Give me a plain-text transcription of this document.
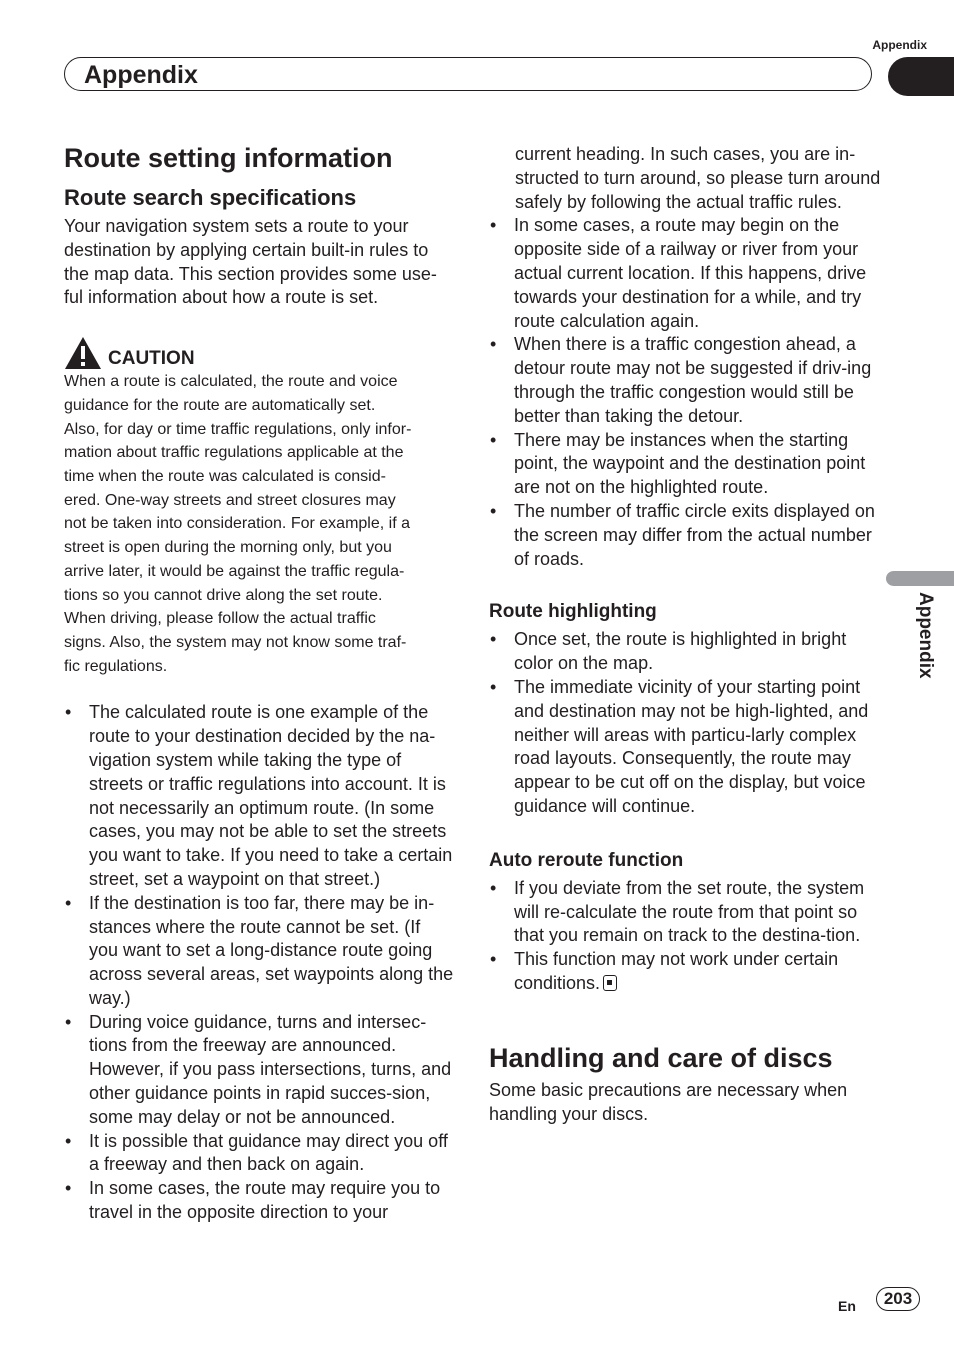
Appendix
Appendix
Appendix
Route setting information
Route search specifications
Your navigation system sets a route to your destination by applying certain built-in rules to the map data. This section provides some use-ful information about how a route is set.
CAUTION
When a route is calculated, the route and voice
guidance for the route are automatically set.
Also, for day or time traffic regulations, only infor-
mation about traffic regulations applicable at the
time when the route was calculated is consid-
ered. One-way streets and street closures may
not be taken into consideration. For example, if a
street is open during the morning only, but you
arrive later, it would be against the traffic regula-
tions so you cannot drive along the set route.
When driving, please follow the actual traffic
signs. Also, the system may not know some traf-
fic regulations.
• The calculated route is one example of the route to your destination decided by the na-vigation system while taking the type of streets or traffic regulations into account. It is not necessarily an optimum route. (In some cases, you may not be able to set the streets you want to take. If you need to take a certain street, set a waypoint on that street.)
• If the destination is too far, there may be in-stances where the route cannot be set. (If you want to set a long-distance route going across several areas, set waypoints along the way.)
• During voice guidance, turns and intersec-tions from the freeway are announced. However, if you pass intersections, turns, and other guidance points in rapid succes-sion, some may delay or not be announced.
• It is possible that guidance may direct you off a freeway and then back on again.
• In some cases, the route may require you to travel in the opposite direction to your
current heading. In such cases, you are in-structed to turn around, so please turn around safely by following the actual traffic rules.
• In some cases, a route may begin on the opposite side of a railway or river from your actual current location. If this happens, drive towards your destination for a while, and try route calculation again.
• When there is a traffic congestion ahead, a detour route may not be suggested if driv-ing through the traffic congestion would still be better than taking the detour.
• There may be instances when the starting point, the waypoint and the destination point are not on the highlighted route.
• The number of traffic circle exits displayed on the screen may differ from the actual number of roads.
Route highlighting
• Once set, the route is highlighted in bright color on the map.
• The immediate vicinity of your starting point and destination may not be high-lighted, and neither will areas with particu-larly complex road layouts. Consequently, the route may appear to be cut off on the display, but voice guidance will continue.
Auto reroute function
• If you deviate from the set route, the system will re-calculate the route from that point so that you remain on track to the destina-tion.
• This function may not work under certain conditions.
Handling and care of discs
Some basic precautions are necessary when handling your discs.
En	203
